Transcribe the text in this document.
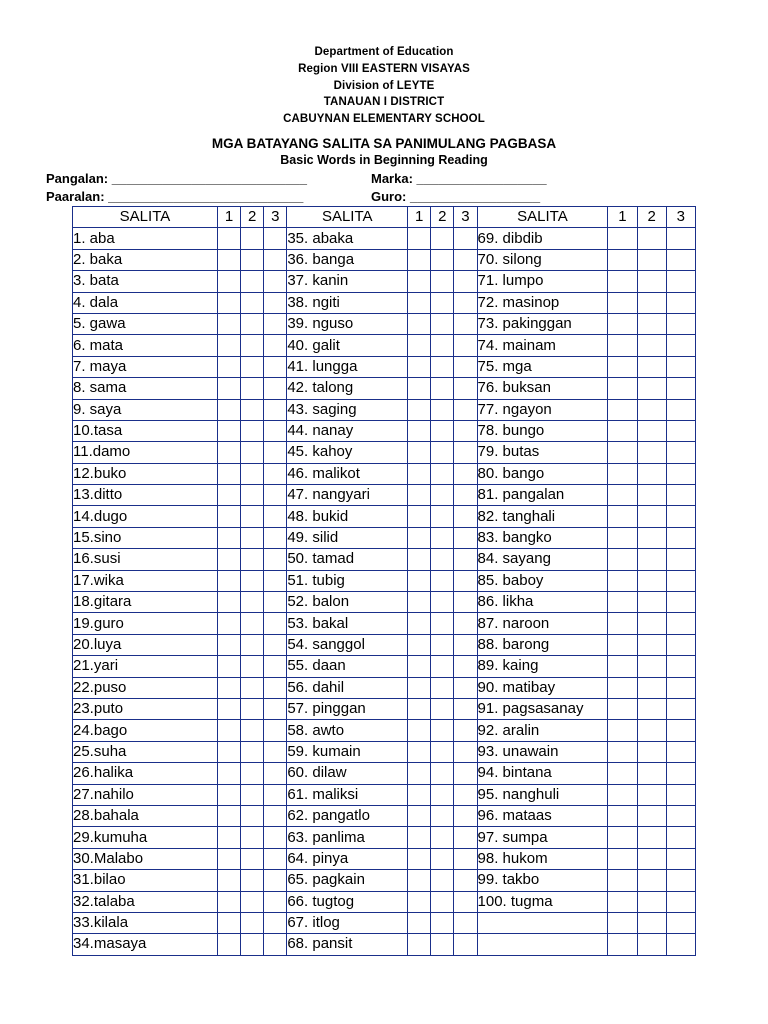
Department of Education
Region VIII EASTERN VISAYAS
Division of LEYTE
TANAUAN I DISTRICT
CABUYNAN ELEMENTARY SCHOOL
MGA BATAYANG SALITA SA PANIMULANG PAGBASA
Basic Words in Beginning Reading
Pangalan: ___________________________	Marka: __________________
Paaralan: ___________________________	Guro: __________________
SALITA	1	2	3	SALITA	1	2	3	SALITA	1	2	3
1. aba				35. abaka				69. dibdib			
2. baka				36. banga				70. silong			
3. bata				37. kanin				71. lumpo			
4. dala				38. ngiti				72. masinop			
5. gawa				39. nguso				73. pakinggan			
6. mata				40. galit				74. mainam			
7. maya				41. lungga				75. mga			
8. sama				42. talong				76. buksan			
9. saya				43. saging				77. ngayon			
10.tasa				44. nanay				78. bungo			
11.damo				45. kahoy				79. butas			
12.buko				46. malikot				80. bango			
13.ditto				47. nangyari				81. pangalan			
14.dugo				48. bukid				82. tanghali			
15.sino				49. silid				83. bangko			
16.susi				50. tamad				84. sayang			
17.wika				51. tubig				85. baboy			
18.gitara				52. balon				86. likha			
19.guro				53. bakal				87. naroon			
20.luya				54. sanggol				88. barong			
21.yari				55. daan				89. kaing			
22.puso				56. dahil				90. matibay			
23.puto				57. pinggan				91. pagsasanay			
24.bago				58. awto				92. aralin			
25.suha				59. kumain				93. unawain			
26.halika				60. dilaw				94. bintana			
27.nahilo				61. maliksi				95. nanghuli			
28.bahala				62. pangatlo				96. mataas			
29.kumuha				63. panlima				97. sumpa			
30.Malabo				64. pinya				98. hukom			
31.bilao				65. pagkain				99. takbo			
32.talaba				66. tugtog				100. tugma			
33.kilala				67. itlog							
34.masaya				68. pansit							
